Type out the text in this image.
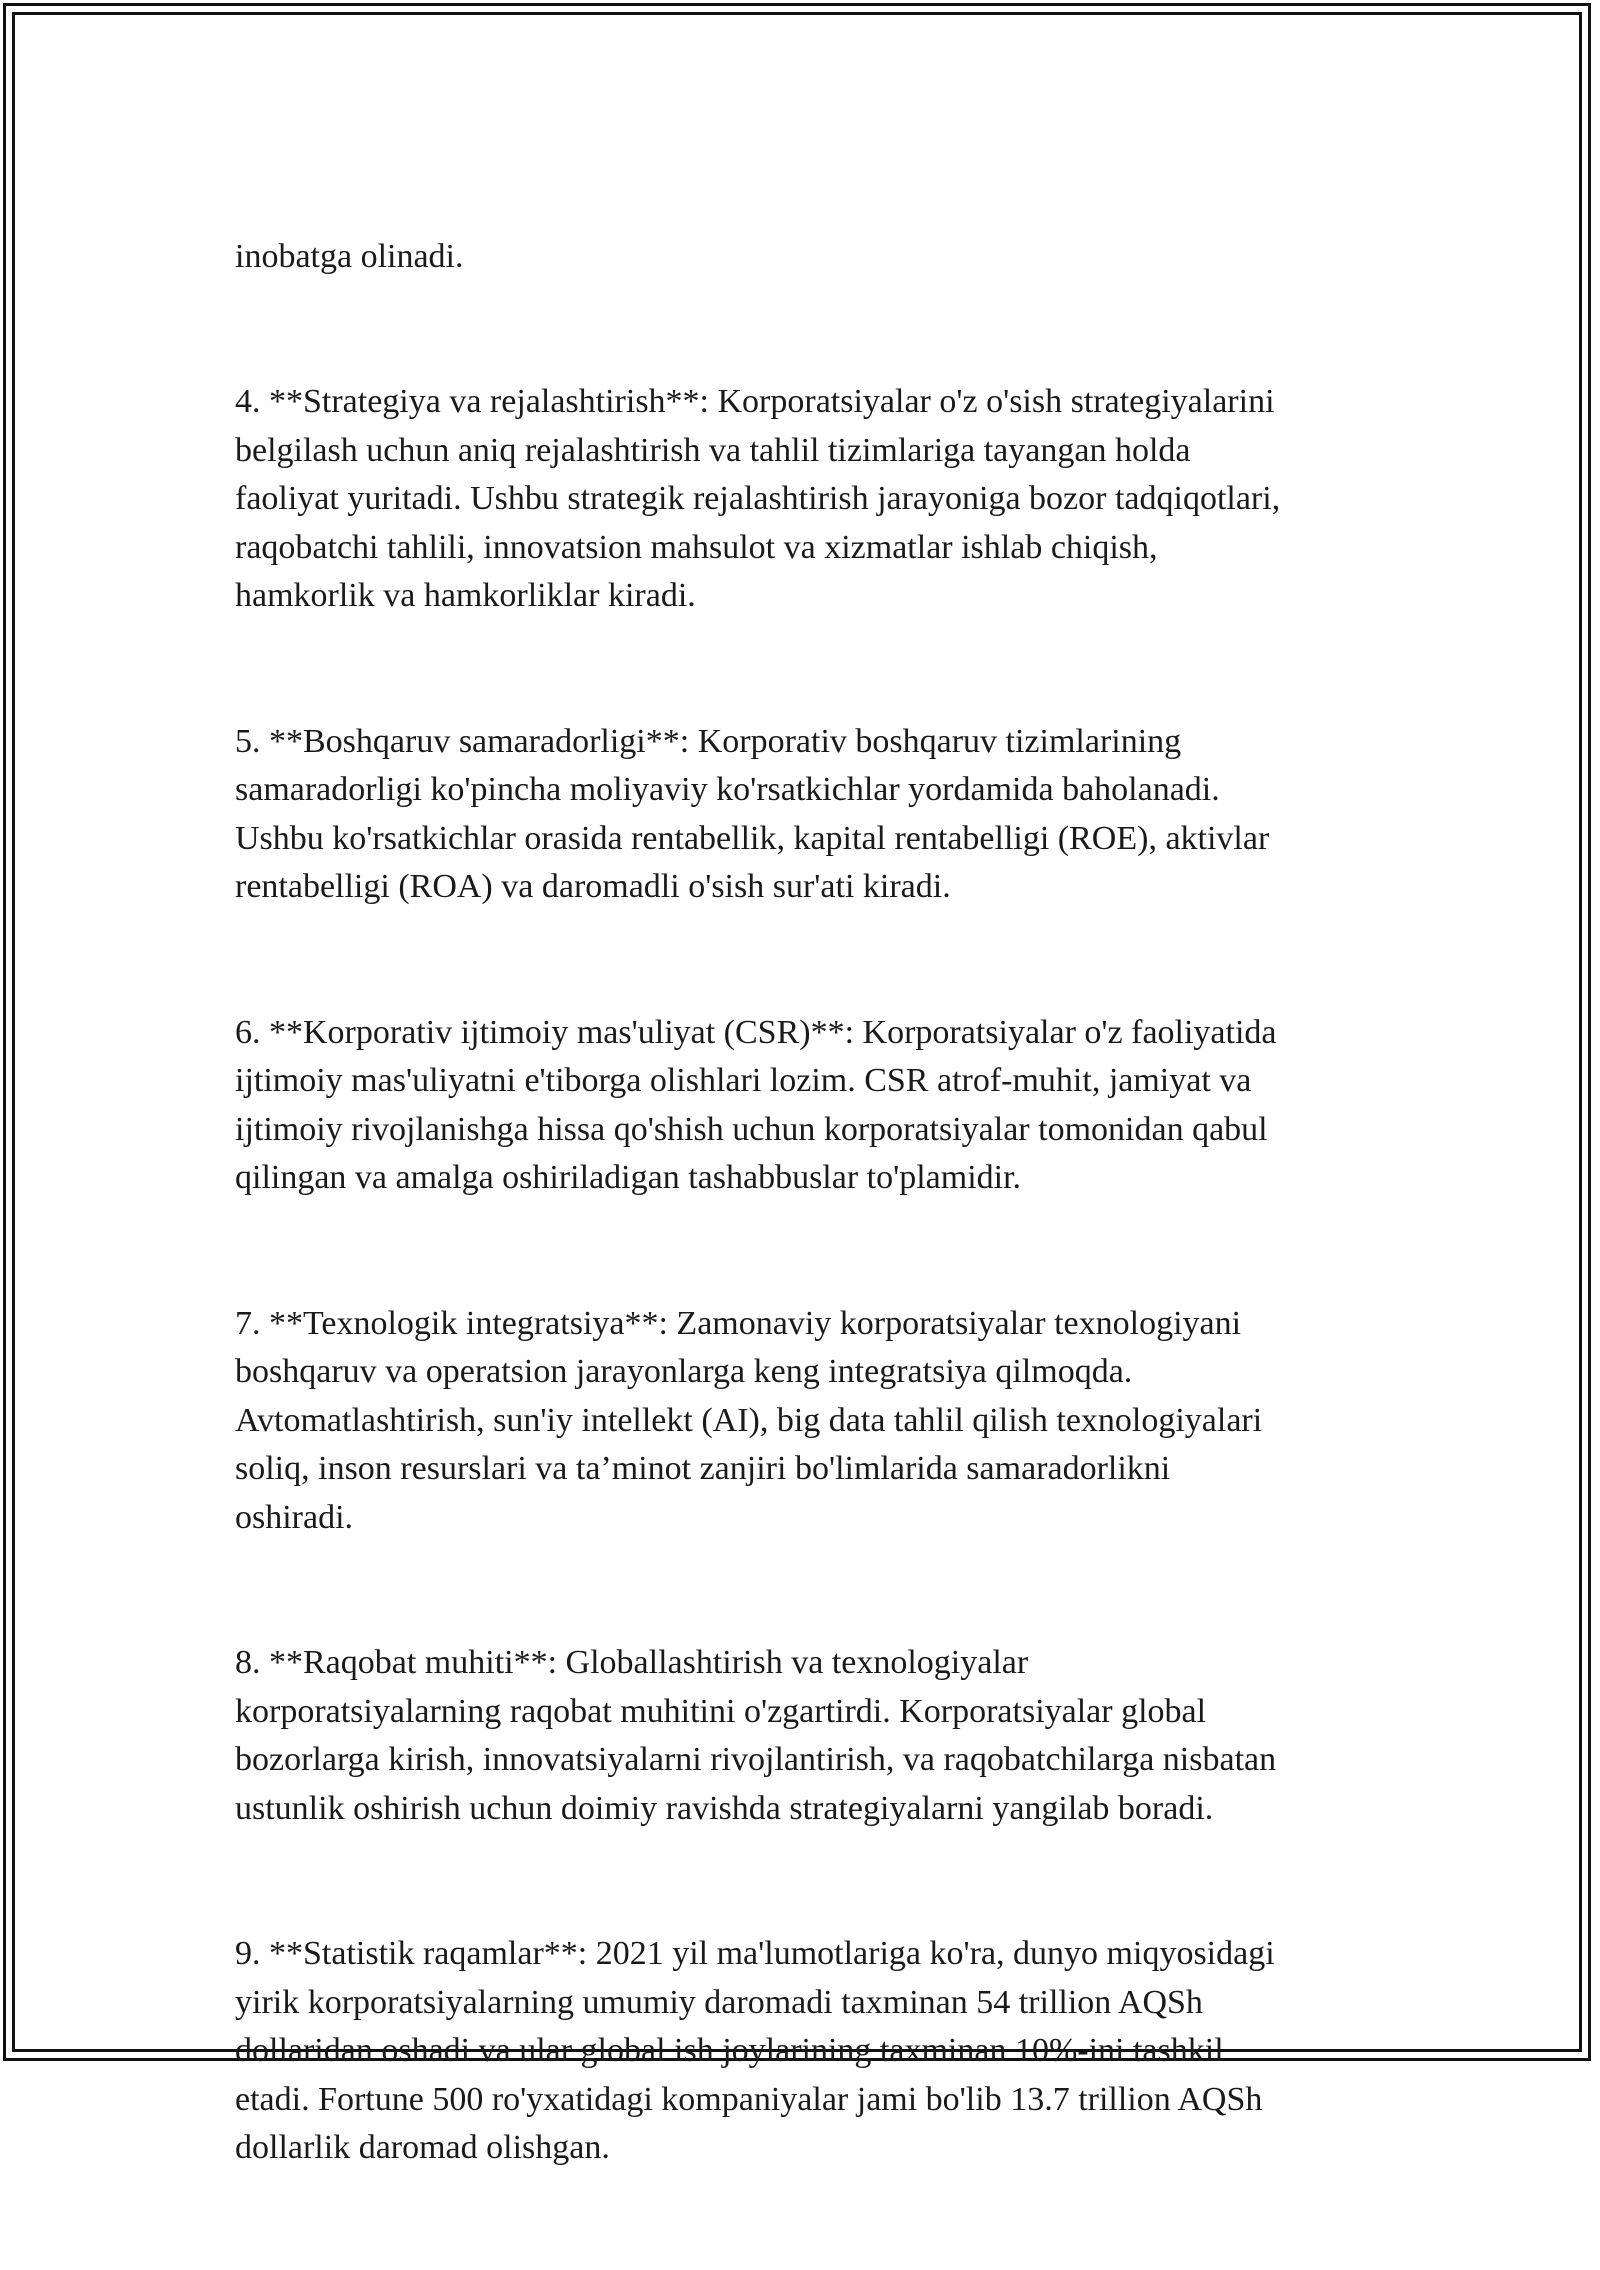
inobatga olinadi.

4. **Strategiya va rejalashtirish**: Korporatsiyalar o'z o'sish strategiyalarini
belgilash uchun aniq rejalashtirish va tahlil tizimlariga tayangan holda
faoliyat yuritadi. Ushbu strategik rejalashtirish jarayoniga bozor tadqiqotlari,
raqobatchi tahlili, innovatsion mahsulot va xizmatlar ishlab chiqish,
hamkorlik va hamkorliklar kiradi.

5. **Boshqaruv samaradorligi**: Korporativ boshqaruv tizimlarining
samaradorligi ko'pincha moliyaviy ko'rsatkichlar yordamida baholanadi.
Ushbu ko'rsatkichlar orasida rentabellik, kapital rentabelligi (ROE), aktivlar
rentabelligi (ROA) va daromadli o'sish sur'ati kiradi.

6. **Korporativ ijtimoiy mas'uliyat (CSR)**: Korporatsiyalar o'z faoliyatida
ijtimoiy mas'uliyatni e'tiborga olishlari lozim. CSR atrof-muhit, jamiyat va
ijtimoiy rivojlanishga hissa qo'shish uchun korporatsiyalar tomonidan qabul
qilingan va amalga oshiriladigan tashabbuslar to'plamidir.

7. **Texnologik integratsiya**: Zamonaviy korporatsiyalar texnologiyani
boshqaruv va operatsion jarayonlarga keng integratsiya qilmoqda.
Avtomatlashtirish, sun'iy intellekt (AI), big data tahlil qilish texnologiyalari
soliq, inson resurslari va ta’minot zanjiri bo'limlarida samaradorlikni
oshiradi.

8. **Raqobat muhiti**: Globallashtirish va texnologiyalar
korporatsiyalarning raqobat muhitini o'zgartirdi. Korporatsiyalar global
bozorlarga kirish, innovatsiyalarni rivojlantirish, va raqobatchilarga nisbatan
ustunlik oshirish uchun doimiy ravishda strategiyalarni yangilab boradi.

9. **Statistik raqamlar**: 2021 yil ma'lumotlariga ko'ra, dunyo miqyosidagi
yirik korporatsiyalarning umumiy daromadi taxminan 54 trillion AQSh
dollaridan oshadi va ular global ish joylarining taxminan 10%-ini tashkil
etadi. Fortune 500 ro'yxatidagi kompaniyalar jami bo'lib 13.7 trillion AQSh
dollarlik daromad olishgan.
